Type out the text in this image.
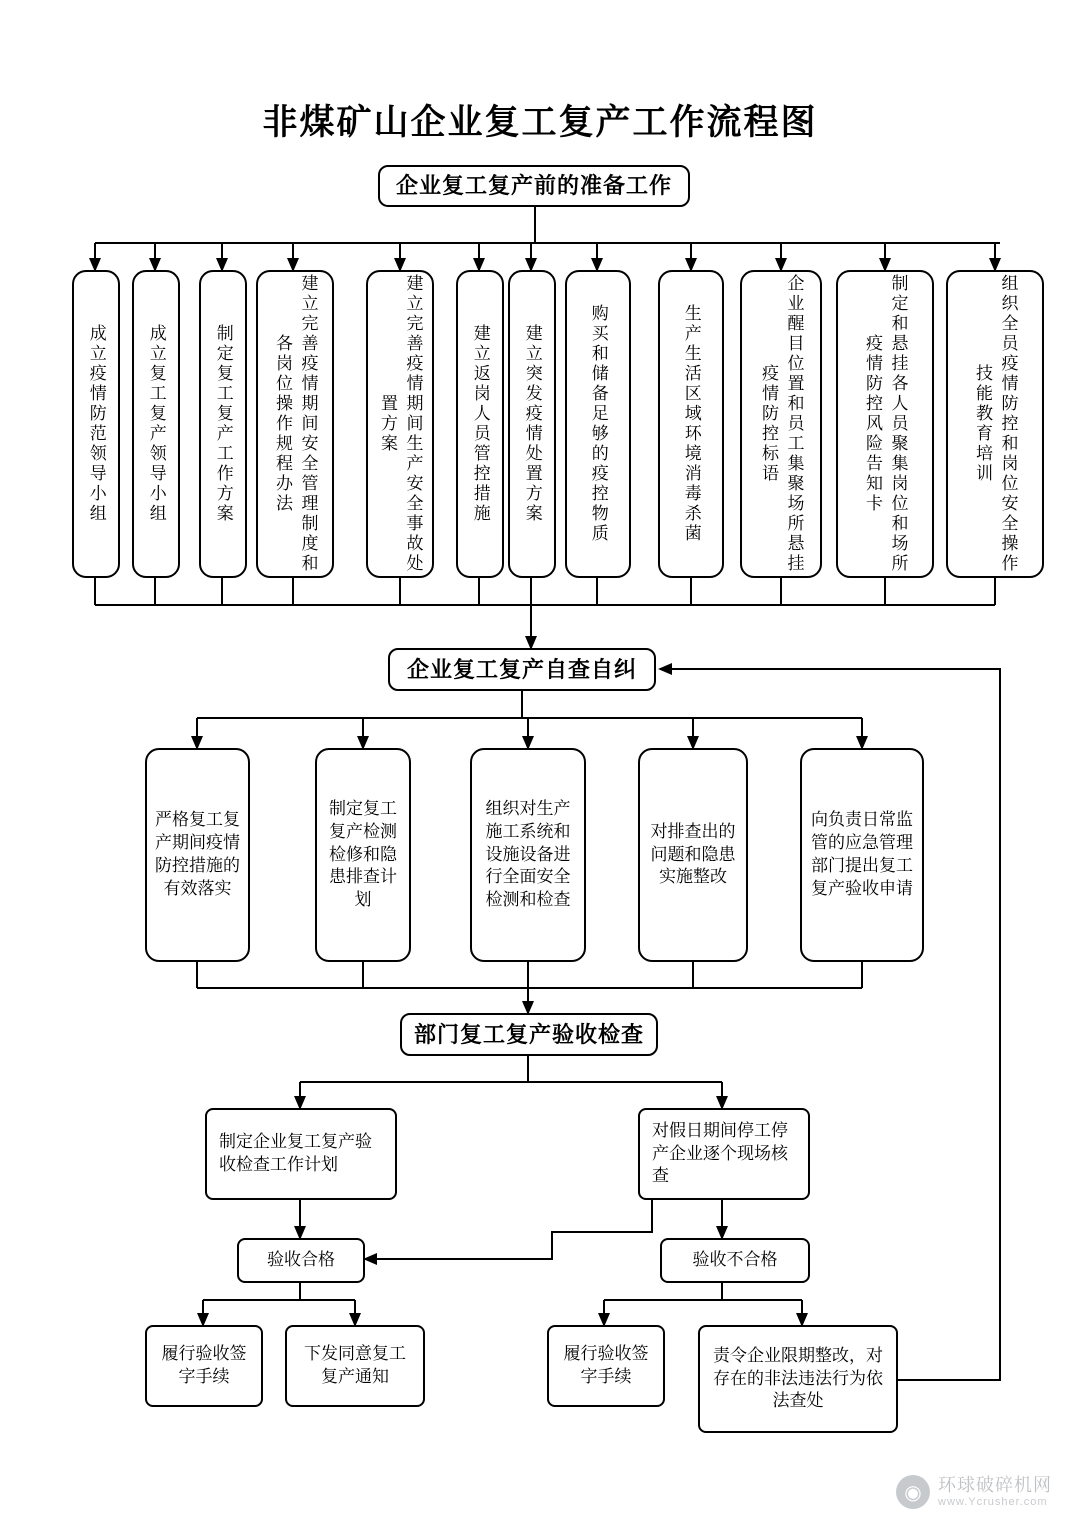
非煤矿山企业复工复产工作流程图
企业复工复产前的准备工作
成立疫情防范领导小组 成立复工复产领导小组	制定复工复产工作方案	建立完善疫情期间安全管理制度和各岗位操作规程办法	建立完善疫情期间生产安全事故处置方案	建立返岗人员管控措施 建立突发疫情处置方案	购买和储备足够的疫控物质	生产生活区域环境消毒杀菌	企业醒目位置和员工集聚场所悬挂疫情防控标语	制定和悬挂各人员聚集岗位和场所疫情防控风险告知卡	组织全员疫情防控和岗位安全操作技能教育培训
企业复工复产自查自纠
严格复工复产期间疫情防控措施的有效落实
制定复工复产检测检修和隐患排查计划
组织对生产施工系统和设施设备进行全面安全检测和检查
对排查出的问题和隐患实施整改
向负责日常监管的应急管理部门提出复工复产验收申请
部门复工复产验收检查
制定企业复工复产验收检查工作计划
对假日期间停工停产企业逐个现场核查
验收合格	验收不合格
履行验收签字手续
下发同意复工复产通知
履行验收签字手续
责令企业限期整改，对存在的非法违法行为依法查处
◉ 环球破碎机网
www.Ycrusher.com
